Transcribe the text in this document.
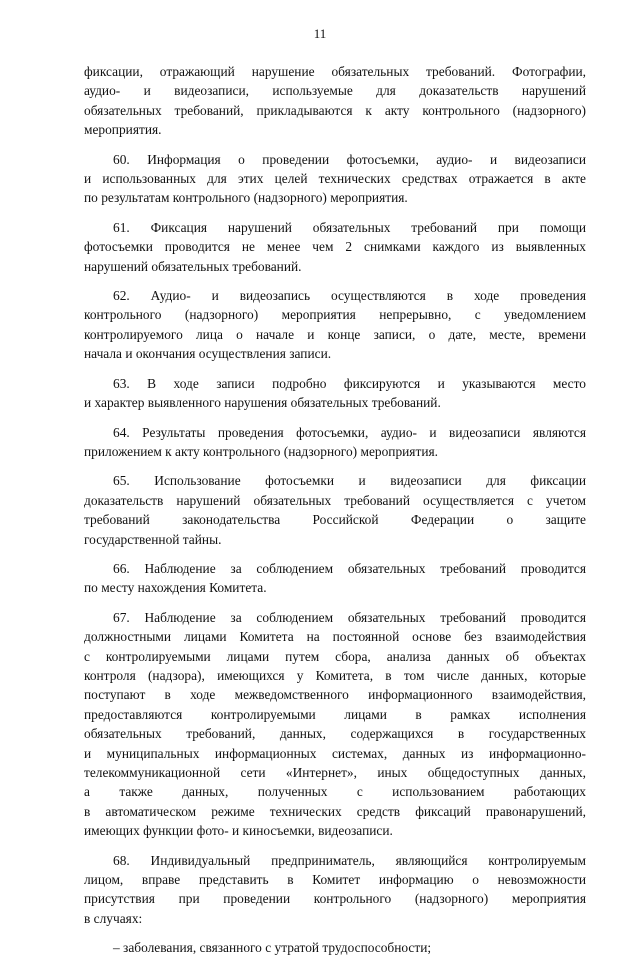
11
фиксации, отражающий нарушение обязательных требований. Фотографии,
аудио- и видеозаписи, используемые для доказательств нарушений
обязательных требований, прикладываются к акту контрольного (надзорного)
мероприятия.
60. Информация о проведении фотосъемки, аудио- и видеозаписи
и использованных для этих целей технических средствах отражается в акте
по результатам контрольного (надзорного) мероприятия.
61. Фиксация нарушений обязательных требований при помощи
фотосъемки проводится не менее чем 2 снимками каждого из выявленных
нарушений обязательных требований.
62. Аудио- и видеозапись осуществляются в ходе проведения
контрольного (надзорного) мероприятия непрерывно, с уведомлением
контролируемого лица о начале и конце записи, о дате, месте, времени
начала и окончания осуществления записи.
63. В ходе записи подробно фиксируются и указываются место
и характер выявленного нарушения обязательных требований.
64. Результаты проведения фотосъемки, аудио- и видеозаписи являются
приложением к акту контрольного (надзорного) мероприятия.
65. Использование фотосъемки и видеозаписи для фиксации
доказательств нарушений обязательных требований осуществляется с учетом
требований законодательства Российской Федерации о защите
государственной тайны.
66. Наблюдение за соблюдением обязательных требований проводится
по месту нахождения Комитета.
67. Наблюдение за соблюдением обязательных требований проводится
должностными лицами Комитета на постоянной основе без взаимодействия
с контролируемыми лицами путем сбора, анализа данных об объектах
контроля (надзора), имеющихся у Комитета, в том числе данных, которые
поступают в ходе межведомственного информационного взаимодействия,
предоставляются контролируемыми лицами в рамках исполнения
обязательных требований, данных, содержащихся в государственных
и муниципальных информационных системах, данных из информационно-
телекоммуникационной сети «Интернет», иных общедоступных данных,
а также данных, полученных с использованием работающих
в автоматическом режиме технических средств фиксаций правонарушений,
имеющих функции фото- и киносъемки, видеозаписи.
68. Индивидуальный предприниматель, являющийся контролируемым
лицом, вправе представить в Комитет информацию о невозможности
присутствия при проведении контрольного (надзорного) мероприятия
в случаях:
– заболевания, связанного с утратой трудоспособности;
